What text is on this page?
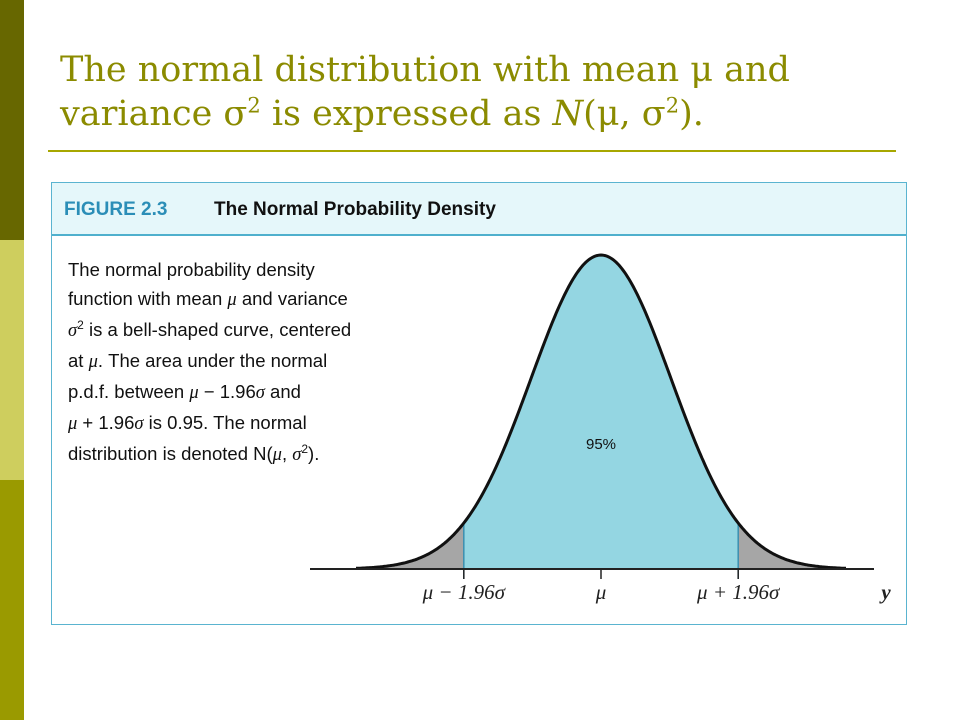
The normal distribution with mean μ and
variance $\sigma^2$ is expressed as N(μ, $\sigma^2$).
FIGURE 2.3 The Normal Probability Density

The normal probability density
function with mean μ and variance
$\sigma^2$ is a bell-shaped curve, centered
at μ. The area under the normal
p.d.f. between μ − 1.96σ and
μ + 1.96σ is 0.95. The normal
distribution is denoted N(μ, $\sigma^2$).

μ − 1.96σ	μ	μ + 1.96σ
95%
y
